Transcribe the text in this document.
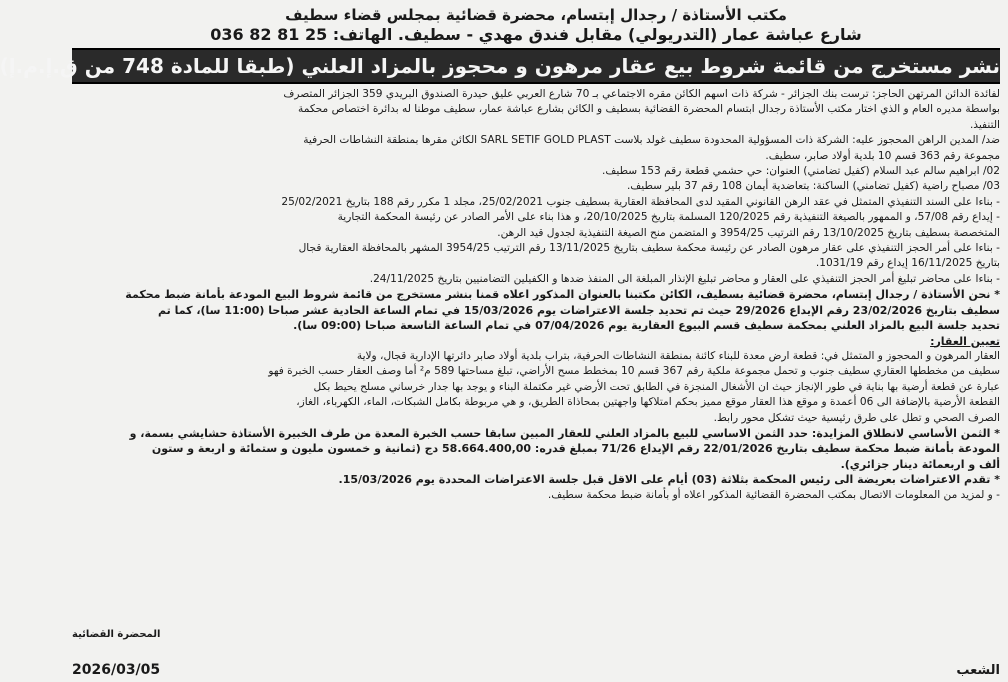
مكتب الأستاذة / رجدال إبتسام، محضرة قضائية بمجلس قضاء سطيف
شارع عباشة عمار (التدريولي) مقابل فندق مهدي - سطيف. الهاتف: 25 81 82 036
نشر مستخرج من قائمة شروط بيع عقار مرهون و محجوز بالمزاد العلني (طبقا للمادة 748 من ق.إ.م.إ)

لفائدة الدائن المرتهن الحاجز: ترست بنك الجزائر - شركة ذات اسهم الكائن مقره الاجتماعي بـ 70 شارع العربي عليق حيدرة الصندوق البريدي 359 الجزائر المتصرف

بواسطة مديره العام و الذي اختار مكتب الأستاذة رجدال ابتسام المحضرة القضائية بسطيف و الكائن بشارع عباشة عمار، سطيف موطنا له بدائرة اختصاص محكمة

التنفيذ.

ضد/ المدين الراهن المحجوز عليه: الشركة ذات المسؤولية المحدودة سطيف غولد بلاست SARL SETIF GOLD PLAST الكائن مقرها بمنطقة النشاطات الحرفية

مجموعة رقم 363 قسم 10 بلدية أولاد صابر، سطيف.

02/ ابراهيم سالم عبد السلام (كفيل تضامني) العنوان: حي حشمي قطعة رقم 153 سطيف.

03/ مصباح راضية (كفيل تضامني) الساكنة: بتعاضدية أيمان 108 رقم 37 بلير سطيف.

- بناءا على السند التنفيذي المتمثل في عقد الرهن القانوني المقيد لدى المحافظة العقارية بسطيف جنوب 25/02/2021، مجلد 1 مكرر رقم 188 بتاريخ 25/02/2021

- إيداع رقم 57/08، و الممهور بالصيغة التنفيذية رقم 120/2025 المسلمة بتاريخ 20/10/2025، و هذا بناء على الأمر الصادر عن رئيسة المحكمة التجارية

المتخصصة بسطيف بتاريخ 13/10/2025 رقم الترتيب 3954/25 و المتضمن منح الصيغة التنفيذية لجدول قيد الرهن.

- بناءا على أمر الحجز التنفيذي على عقار مرهون الصادر عن رئيسة محكمة سطيف بتاريخ 13/11/2025 رقم الترتيب 3954/25 المشهر بالمحافظة العقارية قجال

بتاريخ 16/11/2025 إيداع رقم 1031/19.

- بناءا على محاضر تبليغ أمر الحجز التنفيذي على العقار و محاضر تبليغ الإنذار المبلغة الى المنفذ ضدها و الكفيلين التضامنيين بتاريخ 24/11/2025.

* نحن الأستاذة / رجدال إبتسام، محضرة قضائية بسطيف، الكائن مكتبنا بالعنوان المذكور اعلاه قمنا بنشر مستخرج من قائمة شروط البيع المودعة بأمانة ضبط محكمة

سطيف بتاريخ 23/02/2026 رقم الإيداع 29/2026 حيث تم تحديد جلسة الاعتراضات يوم 15/03/2026 في تمام الساعة الحادية عشر صباحا (11:00 سا)، كما تم

تحديد جلسة البيع بالمزاد العلني بمحكمة سطيف قسم البيوع العقارية يوم 07/04/2026 في تمام الساعة التاسعة صباحا (09:00 سا).

تعيين العقار:

العقار المرهون و المحجوز و المتمثل في: قطعة ارض معدة للبناء كائنة بمنطقة النشاطات الحرفية، بتراب بلدية أولاد صابر دائرتها الإدارية قجال، ولاية

سطيف من مخططها العقاري سطيف جنوب و تحمل مجموعة ملكية رقم 367 قسم 10 بمخطط مسح الأراضي، تبلغ مساحتها 589 م² أما وصف العقار حسب الخبرة فهو

عبارة عن قطعة أرضية بها بناية في طور الإنجاز حيث ان الأشغال المنجزة في الطابق تحت الأرضي غير مكتملة البناء و يوجد بها جدار خرساني مسلح يحيط بكل

القطعة الأرضية بالإضافة الى 06 أعمدة و موقع هذا العقار موقع مميز بحكم امتلاكها واجهتين بمحاذاة الطريق، و هي مربوطة بكامل الشبكات، الماء، الكهرباء، الغاز،

الصرف الصحي و تطل على طرق رئيسية حيث تشكل محور رابط.

* الثمن الأساسي لانطلاق المزايدة: حدد الثمن الاساسي للبيع بالمزاد العلني للعقار المبين سابقا حسب الخبرة المعدة من طرف الخبيرة الأستاذة حشايشي بسمة، و

المودعة بأمانة ضبط محكمة سطيف بتاريخ 22/01/2026 رقم الإيداع 71/26 بمبلغ قدره: 58.664.400,00 دج (ثمانية و خمسون مليون و ستمائة و اربعة و ستون

ألف و اربعمائة دينار جزائري).

* تقدم الاعتراضات بعريضة الى رئيس المحكمة بثلاثة (03) أيام على الاقل قبل جلسة الاعتراضات المحددة يوم 15/03/2026.

- و لمزيد من المعلومات الاتصال بمكتب المحضرة القضائية المذكور اعلاه أو بأمانة ضبط محكمة سطيف.

المحضرة القضائية
الشعب
2026/03/05
